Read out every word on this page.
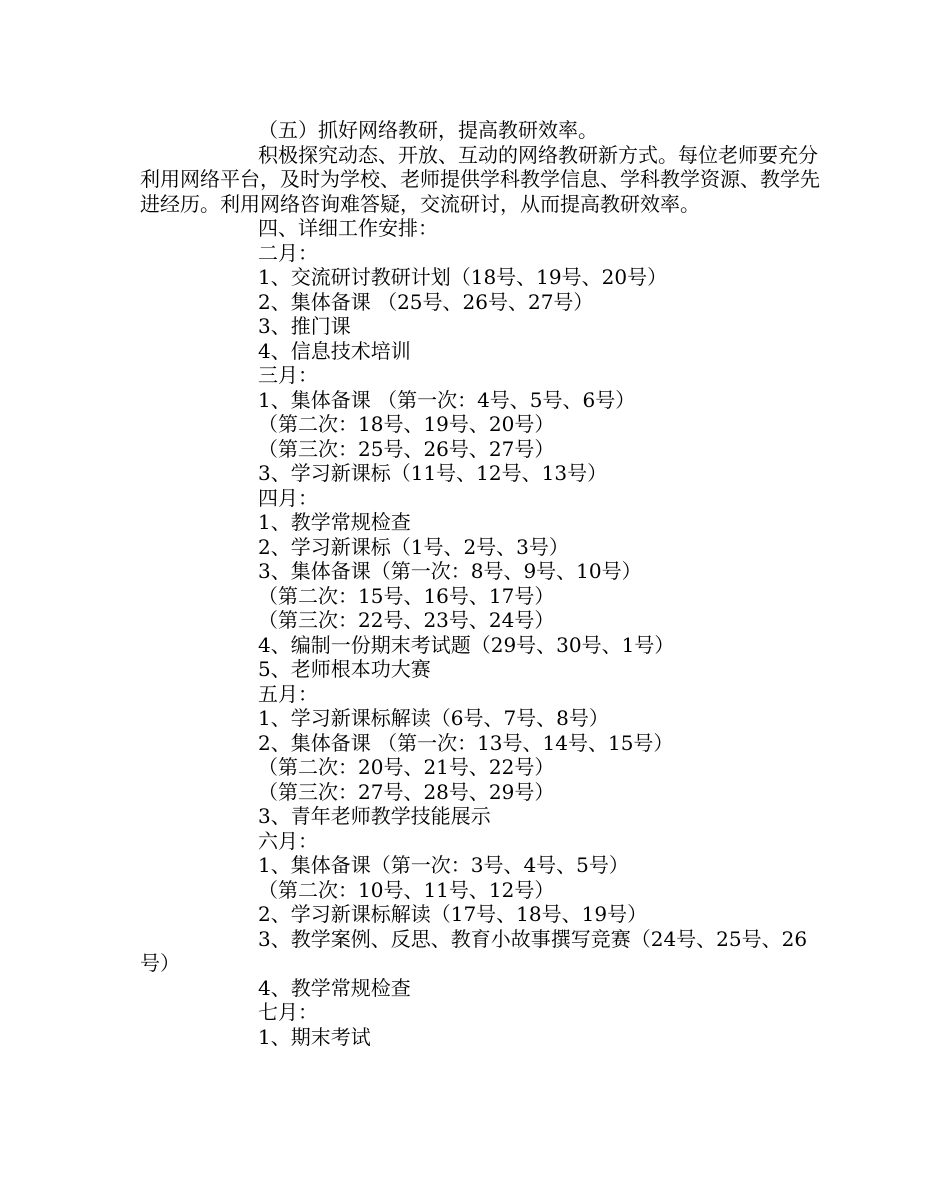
（五）抓好网络教研，提高教研效率。
积极探究动态、开放、互动的网络教研新方式。每位老师要充分利用网络平台，及时为学校、老师提供学科教学信息、学科教学资源、教学先进经历。利用网络咨询难答疑，交流研讨，从而提高教研效率。
四、详细工作安排：
二月：
1、交流研讨教研计划（18号、19号、20号）
2、集体备课 （25号、26号、27号）
3、推门课
4、信息技术培训
三月：
1、集体备课 （第一次：4号、5号、6号）
（第二次：18号、19号、20号）
（第三次：25号、26号、27号）
3、学习新课标（11号、12号、13号）
四月：
1、教学常规检查
2、学习新课标（1号、2号、3号）
3、集体备课（第一次：8号、9号、10号）
（第二次：15号、16号、17号）
（第三次：22号、23号、24号）
4、编制一份期末考试题（29号、30号、1号）
5、老师根本功大赛
五月：
1、学习新课标解读（6号、7号、8号）
2、集体备课 （第一次：13号、14号、15号）
（第二次：20号、21号、22号）
（第三次：27号、28号、29号）
3、青年老师教学技能展示
六月：
1、集体备课（第一次：3号、4号、5号）
（第二次：10号、11号、12号）
2、学习新课标解读（17号、18号、19号）
3、教学案例、反思、教育小故事撰写竞赛（24号、25号、26号）
4、教学常规检查
七月：
1、期末考试
